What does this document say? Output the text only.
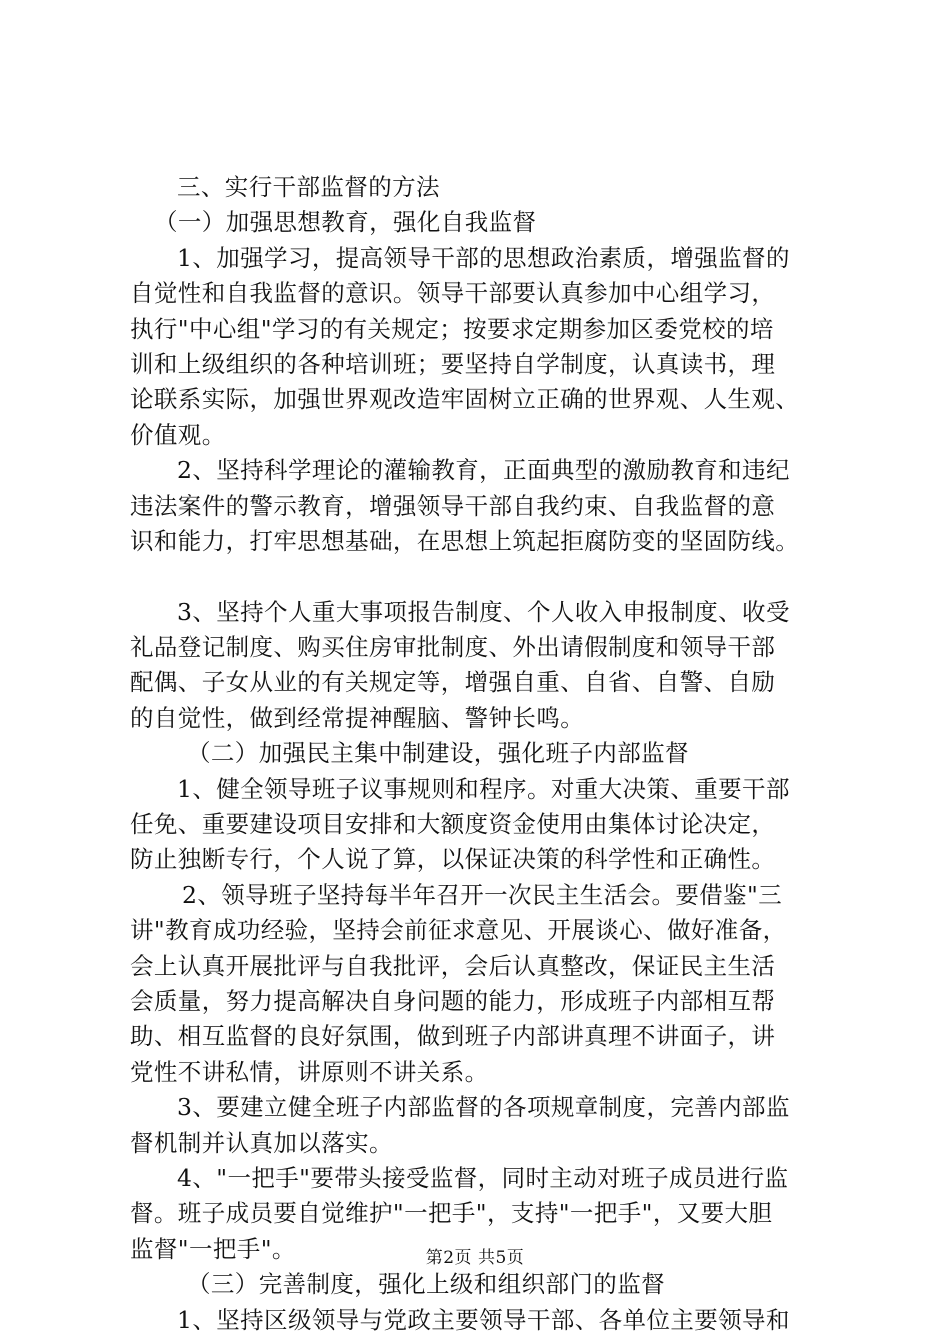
三、实行干部监督的方法
（一）加强思想教育，强化自我监督
1、加强学习，提高领导干部的思想政治素质，增强监督的
自觉性和自我监督的意识。领导干部要认真参加中心组学习，
执行"中心组"学习的有关规定；按要求定期参加区委党校的培
训和上级组织的各种培训班；要坚持自学制度，认真读书，理
论联系实际，加强世界观改造牢固树立正确的世界观、人生观、
价值观。
2、坚持科学理论的灌输教育，正面典型的激励教育和违纪
违法案件的警示教育，增强领导干部自我约束、自我监督的意
识和能力，打牢思想基础，在思想上筑起拒腐防变的坚固防线。
3、坚持个人重大事项报告制度、个人收入申报制度、收受
礼品登记制度、购买住房审批制度、外出请假制度和领导干部
配偶、子女从业的有关规定等，增强自重、自省、自警、自励
的自觉性，做到经常提神醒脑、警钟长鸣。
（二）加强民主集中制建设，强化班子内部监督
1、健全领导班子议事规则和程序。对重大决策、重要干部
任免、重要建设项目安排和大额度资金使用由集体讨论决定，
防止独断专行，个人说了算，以保证决策的科学性和正确性。
2、领导班子坚持每半年召开一次民主生活会。要借鉴"三
讲"教育成功经验，坚持会前征求意见、开展谈心、做好准备，
会上认真开展批评与自我批评，会后认真整改，保证民主生活
会质量，努力提高解决自身问题的能力，形成班子内部相互帮
助、相互监督的良好氛围，做到班子内部讲真理不讲面子，讲
党性不讲私情，讲原则不讲关系。
3、要建立健全班子内部监督的各项规章制度，完善内部监
督机制并认真加以落实。
4、"一把手"要带头接受监督，同时主动对班子成员进行监
督。班子成员要自觉维护"一把手"，支持"一把手"，又要大胆
监督"一把手"。
（三）完善制度，强化上级和组织部门的监督
1、坚持区级领导与党政主要领导干部、各单位主要领导和
第2页 共5页
